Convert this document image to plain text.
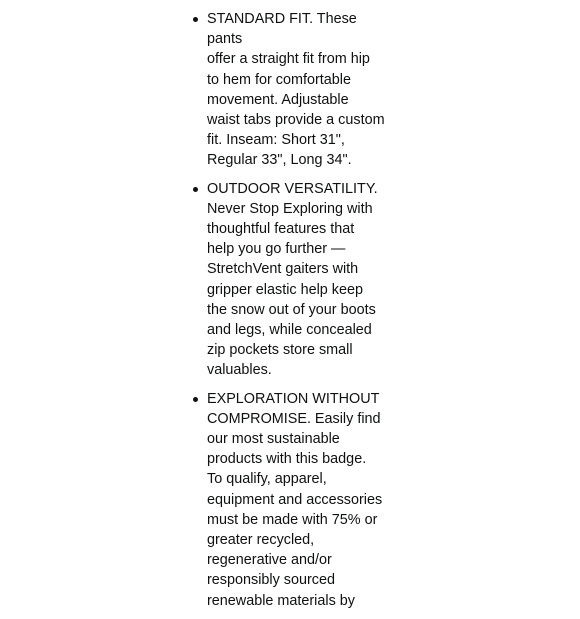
STANDARD FIT. These pants
offer a straight fit from hip
to hem for comfortable
movement. Adjustable
waist tabs provide a custom
fit. Inseam: Short 31",
Regular 33", Long 34".
OUTDOOR VERSATILITY.
Never Stop Exploring with
thoughtful features that
help you go further —
StretchVent gaiters with
gripper elastic help keep
the snow out of your boots
and legs, while concealed
zip pockets store small
valuables.
EXPLORATION WITHOUT
COMPROMISE. Easily find
our most sustainable
products with this badge.
To qualify, apparel,
equipment and accessories
must be made with 75% or
greater recycled,
regenerative and/or
responsibly sourced
renewable materials by
